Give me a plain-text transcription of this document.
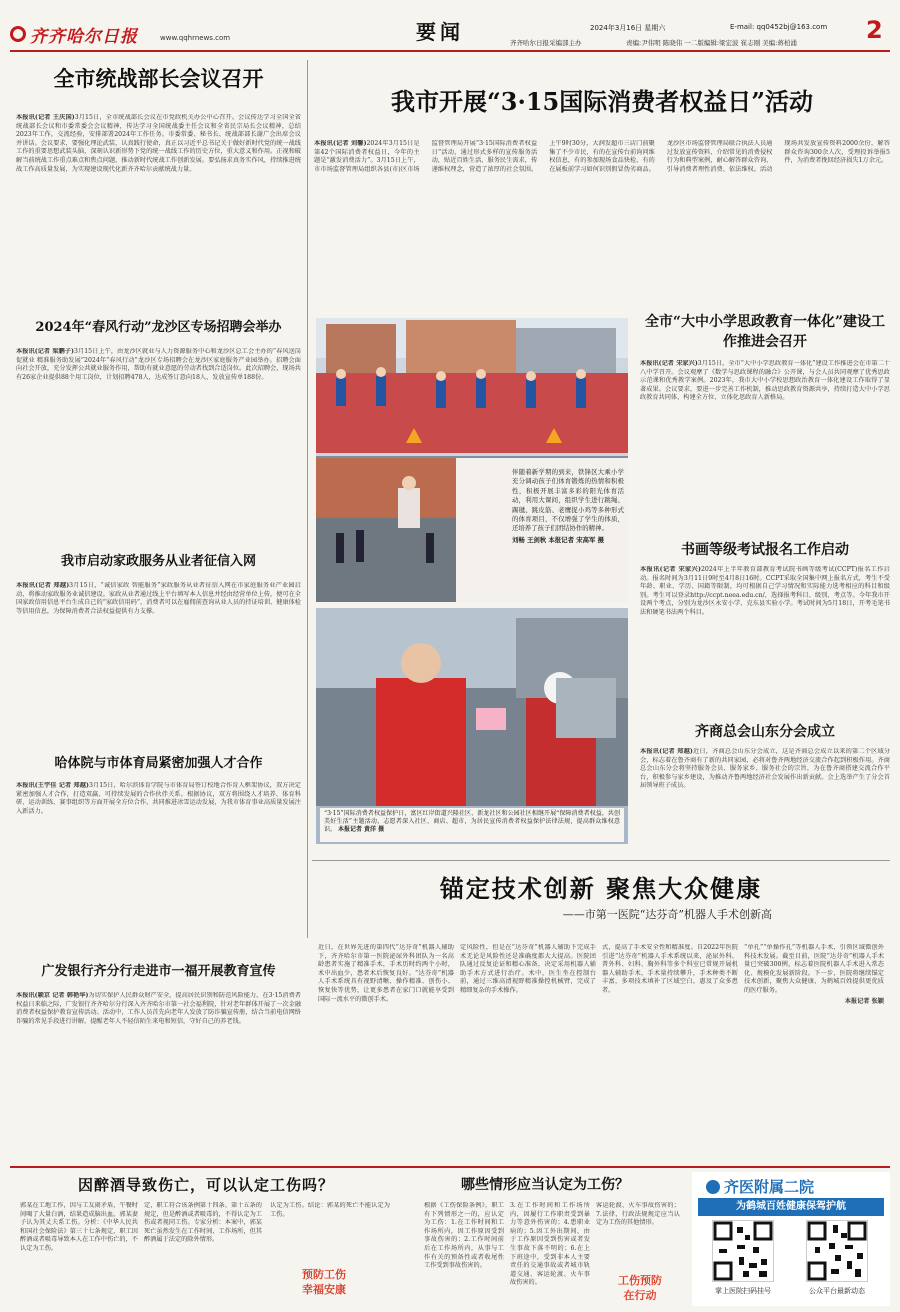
齐齐哈尔日报	www.qqhrnews.com	要闻	2024年3月16日 星期六	E-mail: qq0452bj@163.com
齐齐哈尔日报采编部主办	责编:尹伟明 陈晓伟 一二版编辑:梁宏波 崔志刚 美编:蒋柏涌	2
全市统战部长会议召开
本报讯(记者 王庆国)3月15日，全市统战部长会议在市党政机关办公中心召开。会议传达学习全国全省统战部长会议和市委常委会会议精神，传达学习全国统战委主任会议和全省民宗局长会议精神，总结2023年工作，交流经验，安排部署2024年工作任务。市委常委、秘书长、统战部部长谢广会出席会议并讲话。会议要求，要强化理论武装，认真践行使命，真正以习近平总书记关于做好新时代党的统一战线工作的重要思想武装头脑，深刻认识新形势下党的统一战线工作的历史方位，重大意义和作用。正视和破解当前统战工作重点难点和焦点问题，推动新时代统战工作创新发展。要弘扬求真务实作风，持续推进统战工作高质量发展，为实现建设现代化新齐齐哈尔贡献统战力量。
2024年“春风行动”龙沙区专场招聘会举办
本报讯(记者 梁鹏子)3月15日上午，由龙沙区就业与人力资源服务中心和龙沙区总工会主办的“春风送岗促就业 精准服务助发展”2024年“春风行动”龙沙区专场招聘会在龙沙区家庭服务产业园举办。招聘会面向社会开放，充分发挥公共就业服务作用，帮助有就业意愿的劳动者找到合适岗位。此次招聘会，现场共有26家企业提供88个用工岗位，计划招聘478人，达成签订意向18人，发放宣传单188份。
我市启动家政服务从业者征信入网
本报讯(记者 郑越)3月15日，“诚信家政 智能服务”家政服务从业者征信入网在市家庭服务业产业园启动，将推动家政服务业诚信建设。家政从业者通过线上平台填写本人信息并经由经营单位上传，便可在全国家政信用信息平台生成自己的“家政信用码”，消费者可以在雇佣前查询从业人员的持证培训、健康体检等信用信息，为保障消费者合法权益提供有力支撑。
哈体院与市体育局紧密加强人才合作
本报讯(王宇佳 记者 郑越)3月15日，哈尔滨体育学院与市体育局签订校地合作育人框架协议，双方决定紧密加强人才合作，打造双赢、可持续发展的合作伙伴关系。根据协议，双方将围绕人才培养、体育科研、运动训练、赛事组织等方面开展全方位合作，共同推进冰雪运动发展，为我市体育事业高质量发展注入新活力。
广发银行齐分行走进市一福开展教育宣传
本报讯(颖京 记者 韩艳华)为切实保护人民群众财产安全，提高居民识别和防范风险能力，在3·15消费者权益日来临之际，广发银行齐齐哈尔分行深入齐齐哈尔市第一社会福利院，针对老年群体开展了一次金融消费者权益保护教育宣传活动。活动中，工作人员首先向老年人发放了防诈骗宣传册，结合当前电信网络诈骗的常见手段进行讲解，提醒老年人不轻信陌生来电和短信，守好自己的养老钱。
我市开展“3·15国际消费者权益日”活动
本报讯(记者 刘馨)2024年3月15日是第42个国际消费者权益日，今年的主题是“激发消费活力”。3月15日上午，市市场监督管理局组织各县(市)区市场监督管理局开展“3·15国际消费者权益日”活动，通过形式多样的宣传服务活动，贴近百姓生活、服务民生需求，传递维权理念，营造了浓厚的社会氛围。上午9时30分，大润发超市三店门前聚集了不少市民，有的在宣传台前询问维权信息，有的参加现场食品快检，有的在展板前学习如何识别假冒伪劣商品。龙沙区市场监督管理局联合执法人员通过发放宣传资料、介绍常见的消费侵权行为和典型案例，耐心解答群众咨询，引导消费者理性消费、依法维权。活动现场共发放宣传资料2000余份，解答群众咨询300余人次，受理投诉举报5件，为消费者挽回经济损失1万余元。
伴随着新学期的到来，铁锋区大乘小学充分调动孩子们体育锻炼的热情和积极性，积极开展丰富多彩的阳光体育活动，利用大课间，组织学生进行跳绳、踢毽、跳皮筋、老鹰捉小鸡等多种形式的体育项目，不仅增强了学生的体质，还培养了孩子们团结协作的精神。
刘畅 王剑秋 本报记者 宋高军 摄
“3·15”国际消费者权益保护日，富区红岸街道兴隆社区、新龙社区和公园社区相继开展“保障消费者权益，共创美好生活”主题活动，志愿者深入社区、商店、超市，为居民宣传消费者权益保护法律法规，提高群众维权意识。 本报记者 黄洋 摄
全市“大中小学思政教育一体化”建设工作推进会召开
本报讯(记者 宋家兴)3月15日，全市“大中小学思政教育一体化”建设工作推进会在市第二十八中学召开。会议观摩了《数学与思政课程的融合》公开课，与会人员共同观摩了优秀思政示范课和优秀教学案例。2023年，我市大中小学校思想政治教育一体化建设工作取得了显著成果。会议要求，要进一步完善工作机制，推动思政教育资源共享，持续打造大中小学思政教育共同体，构建全方位、立体化思政育人新格局。
书画等级考试报名工作启动
本报讯(记者 宋家兴)2024年上半年教育部教育考试院书画等级考试(CCPT)报名工作启动。报名时间为3月11日9时至4月8日16时。CCPT采取全国集中网上报名方式，考生不受年龄、职业、学历、国籍等限制，均可根据自己学习情况和实际能力选考相应的科目和级别。考生可以登录http://ccpt.neea.edu.cn/，选择报考科目、级别、考点等。今年我市开设两个考点，分别为龙沙区永安小学、克东县实验小学。考试时间为5月18日，开考毛笔书法和硬笔书法两个科目。
齐商总会山东分会成立
本报讯(记者 郑越)近日，齐商总会山东分会成立，这是齐商总会成立以来的第二个区域分会，标志着在鲁齐商有了新的共同家园，必将对鲁齐两地经济交流合作起到积极作用。齐商总会山东分会将坚持服务会员、服务家乡、服务社会的宗旨，为在鲁齐商搭建交流合作平台，积极参与家乡建设，为推动齐鲁两地经济社会发展作出新贡献。会上选举产生了分会首届领导班子成员。
锚定技术创新 聚焦大众健康
——市第一医院“达芬奇”机器人手术创新高
近日，在世界先进的第四代“达芬奇”机器人辅助下，齐齐哈尔市第一医院泌尿外科团队为一名高龄患者实施了精准手术，手术历时约两个小时，术中出血少，患者术后恢复良好。“达芬奇”机器人手术系统具有视野清晰、操作精准、创伤小、恢复快等优势，让更多患者在家门口就能享受到国际一流水平的微创手术。
定风险性，但是在“达芬奇”机器人辅助下完成手术无论是风险性还是准确度都大大提高。医院团队通过反复论证和精心准备，决定采用机器人辅助手术方式进行治疗。术中，医生坐在控制台前，通过三维高清视野精准操控机械臂，完成了精细复杂的手术操作。
式，提高了手术安全性和精准度。自2022年医院引进“达芬奇”机器人手术系统以来，泌尿外科、普外科、妇科、胸外科等多个科室已常规开展机器人辅助手术，手术量持续攀升，手术种类不断丰富，多项技术填补了区域空白，惠及了众多患者。
“单孔”“单操作孔”等机器人手术，引领区域微创外科技术发展。截至目前，医院“达芬奇”机器人手术量已突破300例，标志着医院机器人手术进入常态化、规模化发展新阶段。下一步，医院将继续锚定技术创新，聚焦大众健康，为鹤城百姓提供更优质的医疗服务。
本报记者 张颖
因醉酒导致伤亡，可以认定工伤吗？
郭某在工地工作，因与工友闹矛盾，午餐时间喝了大量白酒，结果造成脑出血。郭某妻子认为其丈夫系工伤。分析：《中华人民共和国社会保险法》第三十七条规定，职工因醉酒或者吸毒导致本人在工作中伤亡的，不认定为工伤。
定，职工符合该条例第十四条、第十五条的规定，但是醉酒或者吸毒的，不得认定为工伤或者视同工伤。专家分析：本案中，郭某死亡虽然发生在工作时间、工作场所，但其醉酒属于法定的除外情形。
认定为工伤。结论：郭某的死亡不能认定为工伤。

预防工伤
幸福安康

哪些情形应当认定为工伤？
根据《工伤保险条例》，职工有下列情形之一的，应认定为工伤：1.在工作时间和工作场所内，因工作原因受到事故伤害的；2.工作时间前后在工作场所内，从事与工作有关的预备性或者收尾性工作受到事故伤害的。
3.在工作时间和工作场所内，因履行工作职责受到暴力等意外伤害的；4.患职业病的；5.因工外出期间，由于工作原因受到伤害或者发生事故下落不明的；6.在上下班途中，受到非本人主要责任的交通事故或者城市轨道交通、客运轮渡、火车事故伤害的。
客运轮渡、火车事故伤害的；7.法律、行政法规规定应当认定为工伤的其他情形。

工伤预防
在行动

齐医附属二院
为鹤城百姓健康保驾护航
掌上医院扫码挂号	公众平台最新动态
